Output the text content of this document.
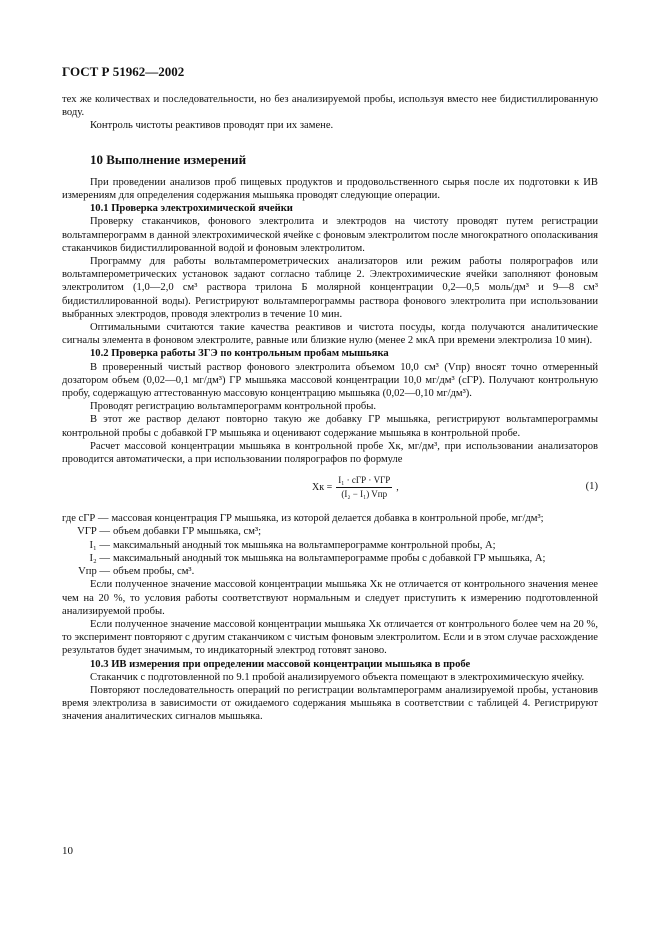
ГОСТ Р 51962—2002

тех же количествах и последовательности, но без анализируемой пробы, используя вместо нее бидистиллированную воду.

Контроль чистоты реактивов проводят при их замене.

10 Выполнение измерений

При проведении анализов проб пищевых продуктов и продовольственного сырья после их подготовки к ИВ измерениям для определения содержания мышьяка проводят следующие операции.

10.1 Проверка электрохимической ячейки

Проверку стаканчиков, фонового электролита и электродов на чистоту проводят путем регистрации вольтамперограмм в данной электрохимической ячейке с фоновым электролитом после многократного ополаскивания стаканчиков бидистиллированной водой и фоновым электролитом.

Программу для работы вольтамперометрических анализаторов или режим работы полярографов или вольтамперометрических установок задают согласно таблице 2. Электрохимические ячейки заполняют фоновым электролитом (1,0—2,0 см³ раствора трилона Б молярной концентрации 0,2—0,5 моль/дм³ и 9—8 см³ бидистиллированной воды). Регистрируют вольтамперограммы раствора фонового электролита при использовании выбранных электродов, проводя электролиз в течение 10 мин.

Оптимальными считаются такие качества реактивов и чистота посуды, когда получаются аналитические сигналы элемента в фоновом электролите, равные или близкие нулю (менее 2 мкА при времени электролиза 10 мин).

10.2 Проверка работы ЗГЭ по контрольным пробам мышьяка

В проверенный чистый раствор фонового электролита объемом 10,0 см³ (Vпр) вносят точно отмеренный дозатором объем (0,02—0,1 мг/дм³) ГР мышьяка массовой концентрации 10,0 мг/дм³ (cГР). Получают контрольную пробу, содержащую аттестованную массовую концентрацию мышьяка (0,02—0,10 мг/дм³).

Проводят регистрацию вольтамперограмм контрольной пробы.

В этот же раствор делают повторно такую же добавку ГР мышьяка, регистрируют вольтамперограммы контрольной пробы с добавкой ГР мышьяка и оценивают содержание мышьяка в контрольной пробе.

Расчет массовой концентрации мышьяка в контрольной пробе Xк, мг/дм³, при использовании анализаторов проводится автоматически, а при использовании полярографов по формуле

Xк = $\frac{\text{I₁ · cГР · VГР}}{\text{(I₂ − I₁) Vпр}}$ ,	(1)
где cГР — массовая концентрация ГР мышьяка, из которой делается добавка в контрольной пробе, мг/дм³;
VГР — объем добавки ГР мышьяка, см³;
I₁ — максимальный анодный ток мышьяка на вольтамперограмме контрольной пробы, А;
I₂ — максимальный анодный ток мышьяка на вольтамперограмме пробы с добавкой ГР мышьяка, А;
Vпр — объем пробы, см³.

Если полученное значение массовой концентрации мышьяка Xк не отличается от контрольного значения менее чем на 20 %, то условия работы соответствуют нормальным и следует приступить к измерению подготовленной анализируемой пробы.

Если полученное значение массовой концентрации мышьяка Xк отличается от контрольного более чем на 20 %, то эксперимент повторяют с другим стаканчиком с чистым фоновым электролитом. Если и в этом случае расхождение результатов будет значимым, то индикаторный электрод готовят заново.

10.3 ИВ измерения при определении массовой концентрации мышьяка в пробе

Стаканчик с подготовленной по 9.1 пробой анализируемого объекта помещают в электрохимическую ячейку.

Повторяют последовательность операций по регистрации вольтамперограмм анализируемой пробы, установив время электролиза в зависимости от ожидаемого содержания мышьяка в соответствии с таблицей 4. Регистрируют значения аналитических сигналов мышьяка.

10
